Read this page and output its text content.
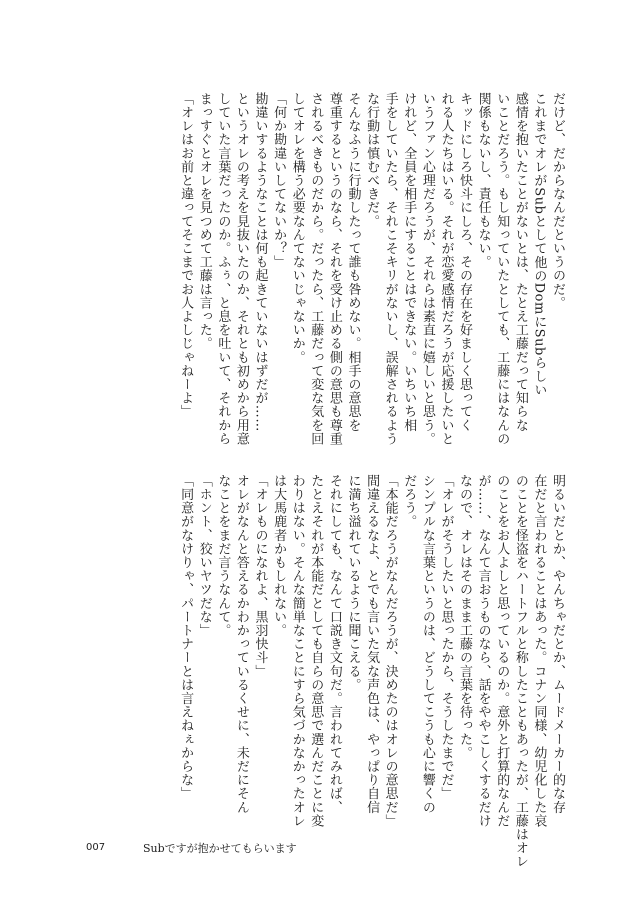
だけど、だからなんだというのだ。
これまでオレがSubとして他のDomにSubらしい
感情を抱いたことがないとは、たとえ工藤だって知らな
いことだろう。もし知っていたとしても、工藤にはなんの
関係もないし、責任もない。
キッドにしろ快斗にしろ、その存在を好ましく思ってく
れる人たちはいる。それが恋愛感情だろうが応援したいと
いうファン心理だろうが、それらは素直に嬉しいと思う。
けれど、全員を相手にすることはできない。いちいち相
手をしていたら、それこそキリがないし、誤解されるよう
な行動は慎むべきだ。
そんなふうに行動したって誰も咎めない。相手の意思を
尊重するというのなら、それを受け止める側の意思も尊重
されるべきものだから。だったら、工藤だって変な気を回
してオレを構う必要なんてないじゃないか。
「何か勘違いしてないか？」
勘違いするようなことは何も起きていないはずだが……
というオレの考えを見抜いたのか、それとも初めから用意
していた言葉だったのか。ふぅ、と息を吐いて、それから
まっすぐとオレを見つめて工藤は言った。
「オレはお前と違ってそこまでお人よしじゃねーよ」
明るいだとか、やんちゃだとか、ムードメーカー的な存
在だと言われることはあった。コナン同様、幼児化した哀
のことを怪盗をハートフルと称したこともあったが、工藤はオレ
のことをお人よしと思っているのか。意外と打算的なんだ
が……、なんて言おうものなら、話をややこしくするだけ
なので、オレはそのまま工藤の言葉を待った。
「オレがそうしたいと思ったから、そうしたまでだ」
シンプルな言葉というのは、どうしてこうも心に響くの
だろう。
「本能だろうがなんだろうが、決めたのはオレの意思だ」
間違えるなよ、とでも言いた気な声色は、やっぱり自信
に満ち溢れているように聞こえる。
それにしても、なんて口説き文句だ。言われてみれば、
たとえそれが本能だとしても自らの意思で選んだことに変
わりはない。そんな簡単なことにすら気づかなかったオレ
は大馬鹿者かもしれない。
「オレものになれよ、黒羽快斗」
オレがなんと答えるかわかっているくせに、未だにそん
なことをまだ言うなんて。
「ホント、狡いヤツだな」
「同意がなけりゃ、パートナーとは言えねぇからな」
007	Subですが抱かせてもらいます
